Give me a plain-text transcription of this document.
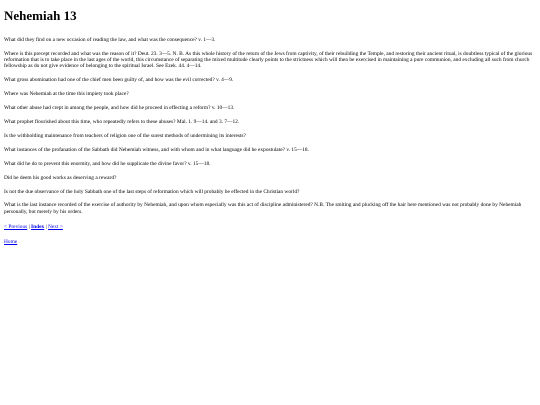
Nehemiah 13

What did they find on a new occasion of reading the law, and what was the consequence? v. 1—3.

Where is this precept recorded and what was the reason of it? Deut. 23. 3—5. N. B. As this whole history of the return of the Jews from captivity, of their rebuilding the Temple, and restoring their ancient ritual, is doubtless typical of the glorious reformation that is to take place in the last ages of the world, this circumstance of separating the mixed multitude clearly points to the strictness which will then be exercised in maintaining a pure communion, and excluding all such from church fellowship as do not give evidence of belonging to the spiritual Israel. See Ezek. 44. 4—14.

What gross abomination had one of the chief men been guilty of, and how was the evil corrected? v. 4—9.

Where was Nehemiah at the time this impiety took place?

What other abuse had crept in among the people, and how did he proceed in effecting a reform? v. 10—13.

What prophet flourished about this time, who repeatedly refers to these abuses? Mal. 1. 9—14. and 3. 7—12.

Is the withholding maintenance from teachers of religion one of the surest methods of undermining its interests?

What instances of the profanation of the Sabbath did Nehemiah witness, and with whom and in what language did he expostulate? v. 15—18.

What did he do to prevent this enormity, and how did he supplicate the divine favor? v. 15—18.

Did he deem his good works as deserving a reward?

Is not the due observance of the holy Sabbath one of the last steps of reformation which will probably be effected in the Christian world?

What is the last instance recorded of the exercise of authority by Nehemiah, and upon whom especially was this act of discipline administered? N.B. The smiting and plucking off the hair here mentioned was not probably done by Nehemiah personally, but merely by his orders.

< Previous | Index | Next >

Home
